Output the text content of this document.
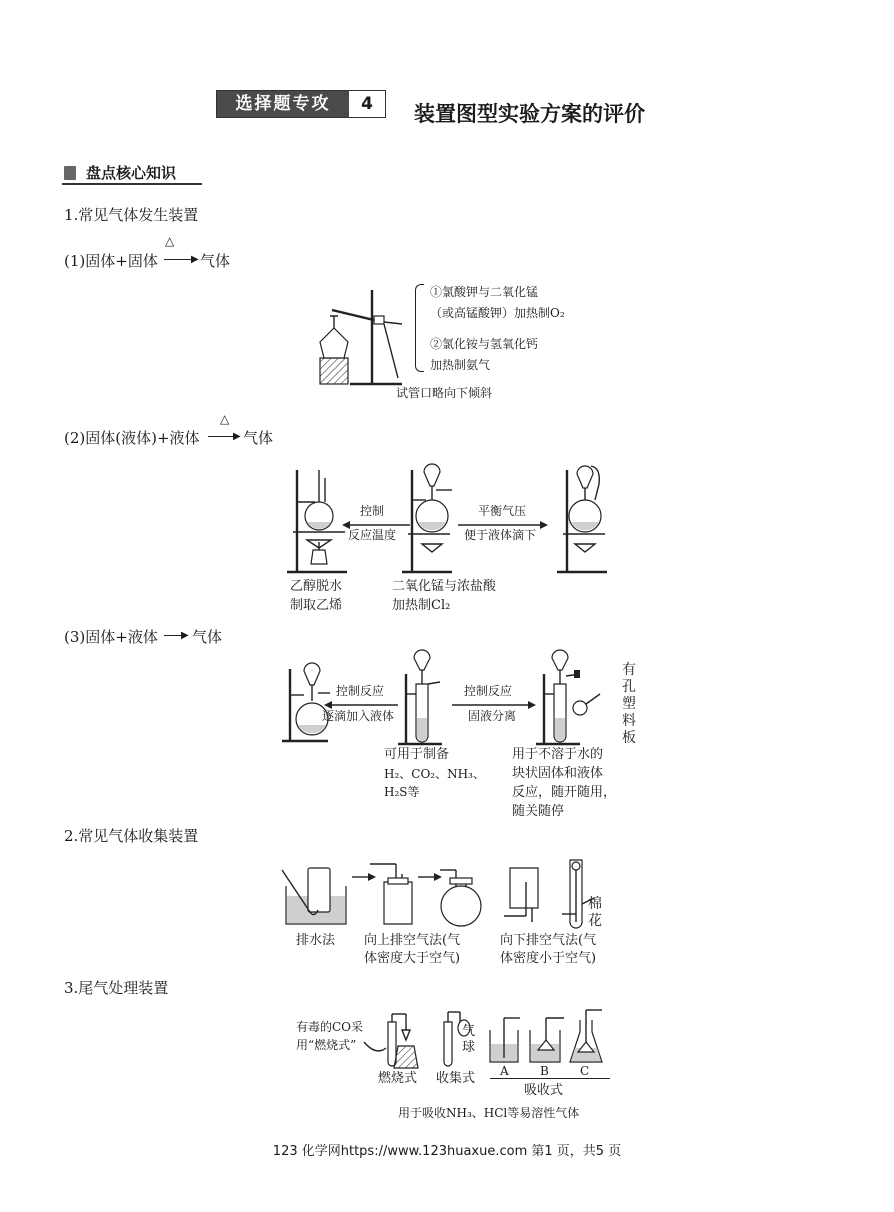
选择题专攻	4	装置图型实验方案的评价
盘点核心知识
1.常见气体发生装置
(1)固体+固体
△
▶ 气体
①氯酸钾与二氧化锰
（或高锰酸钾）加热制O₂
②氯化铵与氢氧化钙
加热制氨气
试管口略向下倾斜
(2)固体(液体)+液体
△
▶ 气体
控制
反应温度
平衡气压
便于液体滴下
乙醇脱水
制取乙烯
二氧化锰与浓盐酸
加热制Cl₂
(3)固体+液体 ▶ 气体
控制反应
逐滴加入液体
控制反应
固液分离
有
孔
塑
料
板
可用于制备
H₂、CO₂、NH₃、
H₂S等
用于不溶于水的
块状固体和液体
反应，随开随用，
随关随停
2.常见气体收集装置
棉
花
排水法 向上排空气法(气
体密度大于空气)
向下排空气法(气
体密度小于空气)
3.尾气处理装置
有毒的CO采
用“燃烧式”
气
球
燃烧式 收集式 A	B	C
吸收式
用于吸收NH₃、HCl等易溶性气体
123 化学网https://www.123huaxue.com 第1 页，共5 页
